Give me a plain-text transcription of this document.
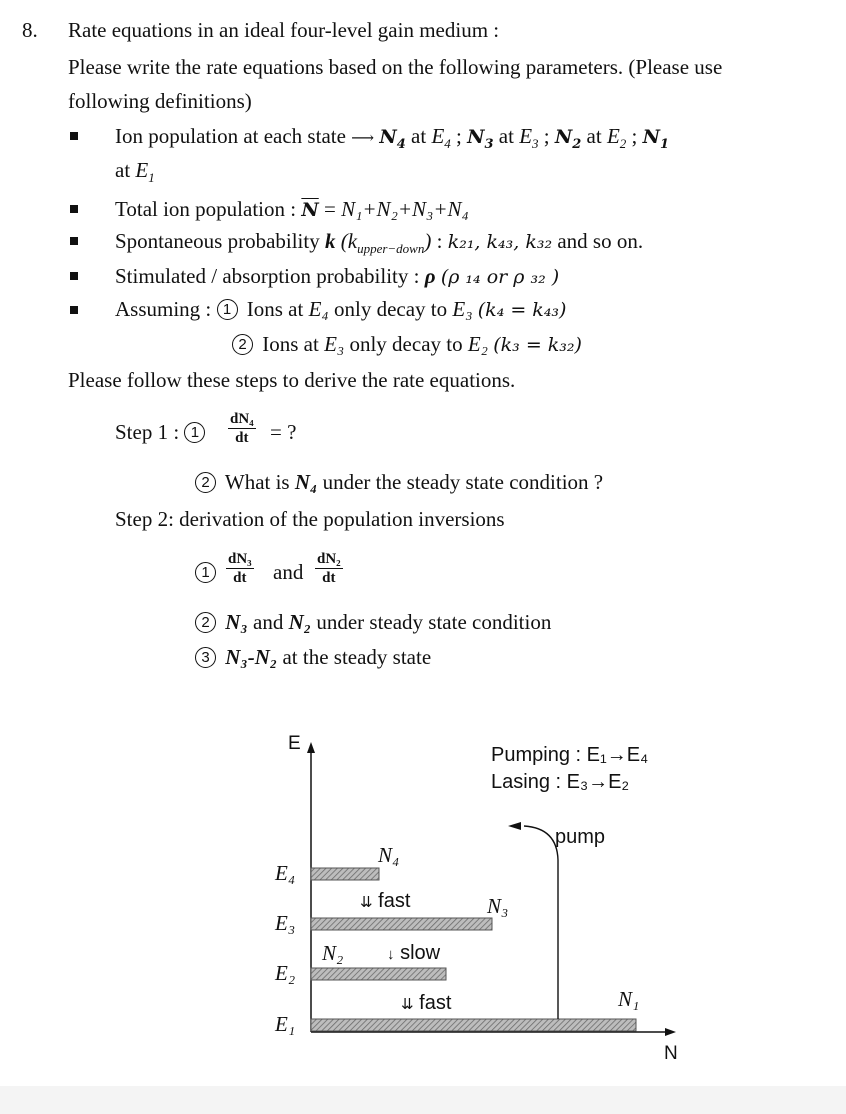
8. Rate equations in an ideal four-level gain medium :
Please write the rate equations based on the following parameters. (Please use
following definitions)
Ion population at each state ⟶ $N_4$ at $E_4$ ; $N_3$ at $E_3$ ; $N_2$ at $E_2$ ; $N_1$
at $E_1$
Total ion population : $\overline{N} = N_1+N_2+N_3+N_4$
Spontaneous probability k $(k_{upper-down})$ : k₂₁, k₄₃, k₃₂ and so on.
Stimulated / absorption probability : ρ (ρ ₁₄ or ρ ₃₂ )
Assuming : 1 Ions at E₄ only decay to E₃ (k₄ = k₄₃)
2 Ions at E₃ only decay to E₂ (k₃ = k₃₂)
Please follow these steps to derive the rate equations.
Step 1 : 1	$\frac{\text{dN₄}}{dt}$ = ?
2 What is N₄ under the steady state condition ?
Step 2: derivation of the population inversions
1	$\frac{\text{dN₃}}{dt}$ and $\frac{\text{dN₂}}{dt}$
2 N₃ and N₂ under steady state condition
3 N₃-N₂ at the steady state
E
N
Pumping : E₁→E₄
Lasing : E₃→E₂
pump
E₄
E₃
E₂
E₁
N₄
N₃
N₂
N₁
⇊ fast
↓ slow
⇊ fast
